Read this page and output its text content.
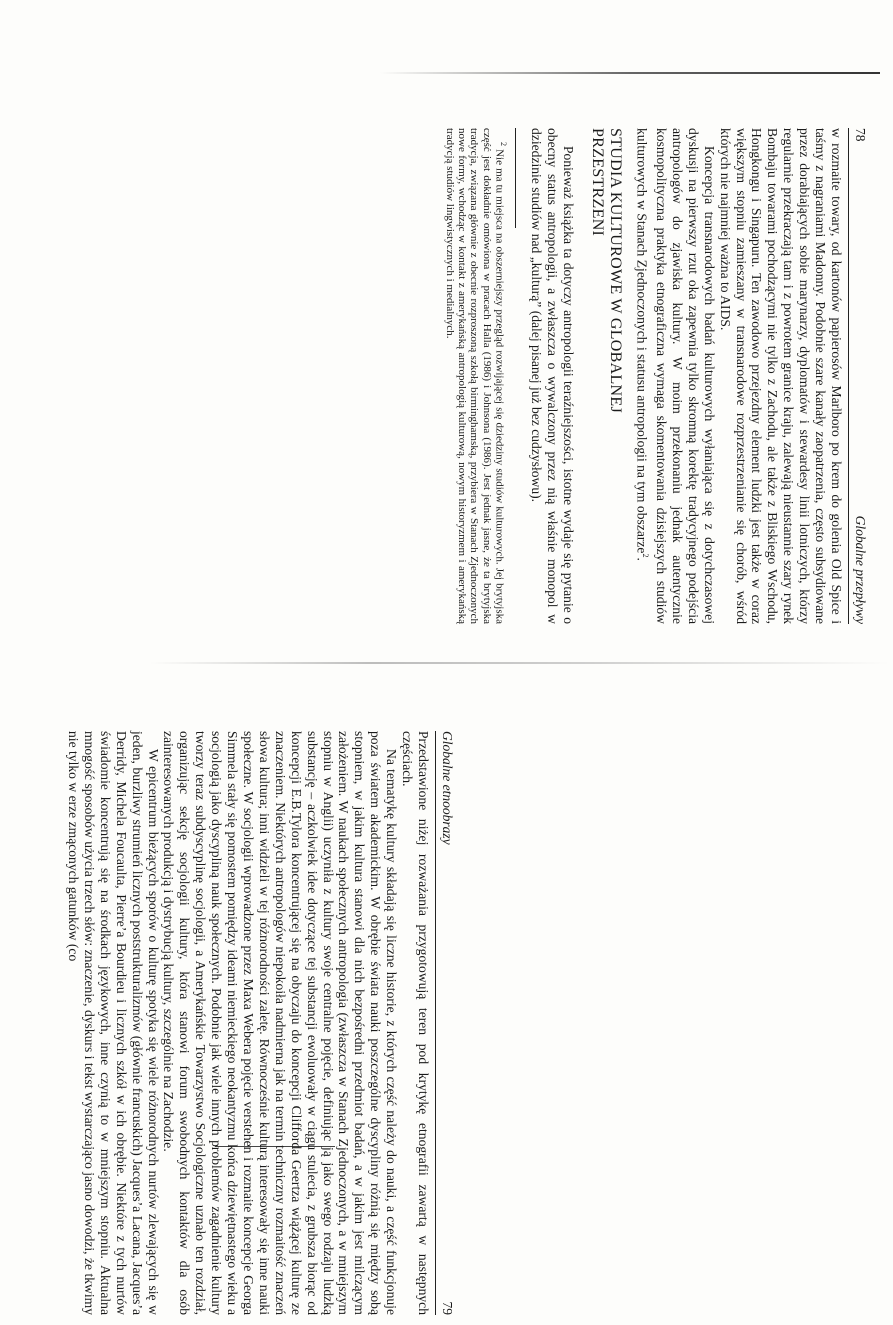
78
Globalne przepływy

w rozmaite towary, od kartonów papierosów Marlboro po krem do golenia Old Spice i taśmy z nagraniami Madonny. Podobnie szare kanały zaopatrzenia, często subsydiowane przez dorabiających sobie marynarzy, dyplomatów i stewardesy linii lotniczych, którzy regularnie przekraczają tam i z powrotem granice kraju, zalewają nieustannie szary rynek Bombaju towarami pochodzącymi nie tylko z Zachodu, ale także z Bliskiego Wschodu, Hongkongu i Singapuru. Ten zawodowo przejezdny element ludzki jest także w coraz większym stopniu zamieszany w transnarodowe rozprzestrzenianie się chorób, wśród których nie najmniej ważna to AIDS.

Koncepcja transnarodowych badań kulturowych wyłaniająca się z dotychczasowej dyskusji na pierwszy rzut oka zapewnia tylko skromną korektę tradycyjnego podejścia antropologów do zjawiska kultury. W moim przekonaniu jednak autentycznie kosmopolityczna praktyka etnograficzna wymaga skomentowania dzisiejszych studiów kulturowych w Stanach Zjednoczonych i statusu antropologii na tym obszarze$^2$.

STUDIA KULTUROWE W GLOBALNEJ
PRZESTRZENI

Ponieważ książka ta dotyczy antropologii teraźniejszości, istotne wydaje się pytanie o obecny status antropologii, a zwłaszcza o wywalczony przez nią właśnie monopol w dziedzinie studiów nad „kulturą” (dalej pisanej już bez cudzysłowu).

$^2$ Nie ma tu miejsca na obszerniejszy przegląd rozwijającej się dziedziny studiów kulturowych. Jej brytyjska część jest dokładnie omówiona w pracach Halla (1986) i Johnsona (1986). Jest jednak jasne, że ta brytyjska tradycja, związana głównie z obecnie rozproszoną szkołą birminghamską, przybiera w Stanach Zjednoczonych nowe formy, wchodząc w kontakt z amerykańską antropologią kulturową, nowym historyzmem i amerykańską tradycją studiów lingwistycznych i medialnych.

Globalne etnoobrazy
79

Przedstawione niżej rozważania przygotowują teren pod krytykę etnografii zawartą w następnych częściach.

Na tematykę kultury składają się liczne historie, z których część należy do nauki, a część funkcjonuje poza światem akademickim. W obrębie świata nauki poszczególne dyscypliny różnią się między sobą stopniem, w jakim kultura stanowi dla nich bezpośredni przedmiot badań, a w jakim jest milczącym założeniem. W naukach społecznych antropologia (zwłaszcza w Stanach Zjednoczonych, a w mniejszym stopniu w Anglii) uczyniła z kultury swoje centralne pojęcie, definiując ją jako swego rodzaju ludzką substancję – aczkolwiek idee dotyczące tej substancji ewoluowały w ciągu stulecia, z grubsza biorąc od koncepcji E.B.Tylora koncentrującej się na obyczaju do koncepcji Clifforda Geertza wiążącej kulturę ze znaczeniem. Niektórych antropologów niepokoiła nadmierna jak na termin techniczny rozmaitość znaczeń słowa kultura; inni widzieli w tej różnorodności zaletę. Równocześnie kulturą interesowały się inne nauki społeczne. W socjologii wprowadzone przez Maxa Webera pojęcie verstehen i rozmaite koncepcje Georga Simmela stały się pomostem pomiędzy ideami niemieckiego neokantyzmu końca dziewiętnastego wieku a socjologią jako dyscypliną nauk społecznych. Podobnie jak wiele innych problemów zagadnienie kultury tworzy teraz subdyscyplinę socjologii, a Amerykańskie Towarzystwo Socjologiczne uznało ten rozdział, organizując sekcję socjologii kultury, która stanowi forum swobodnych kontaktów dla osób zainteresowanych produkcją i dystrybucją kultury, szczególnie na Zachodzie.

W epicentrum bieżących sporów o kulturę spotyka się wiele różnorodnych nurtów zlewających się w jeden, burzliwy strumień licznych poststrukturalizmów (głównie francuskich) Jacques’a Lacana, Jacques’a Derridy, Michela Foucaulta, Pierre’a Bourdieu i licznych szkół w ich obrębie. Niektóre z tych nurtów świadomie koncentrują się na środkach językowych, inne czynią to w mniejszym stopniu. Aktualna mnogość sposobów użycia trzech słów: znaczenie, dyskurs i tekst wystarczająco jasno dowodzi, że tkwimy nie tylko w erze zmąconych gatunków (co
